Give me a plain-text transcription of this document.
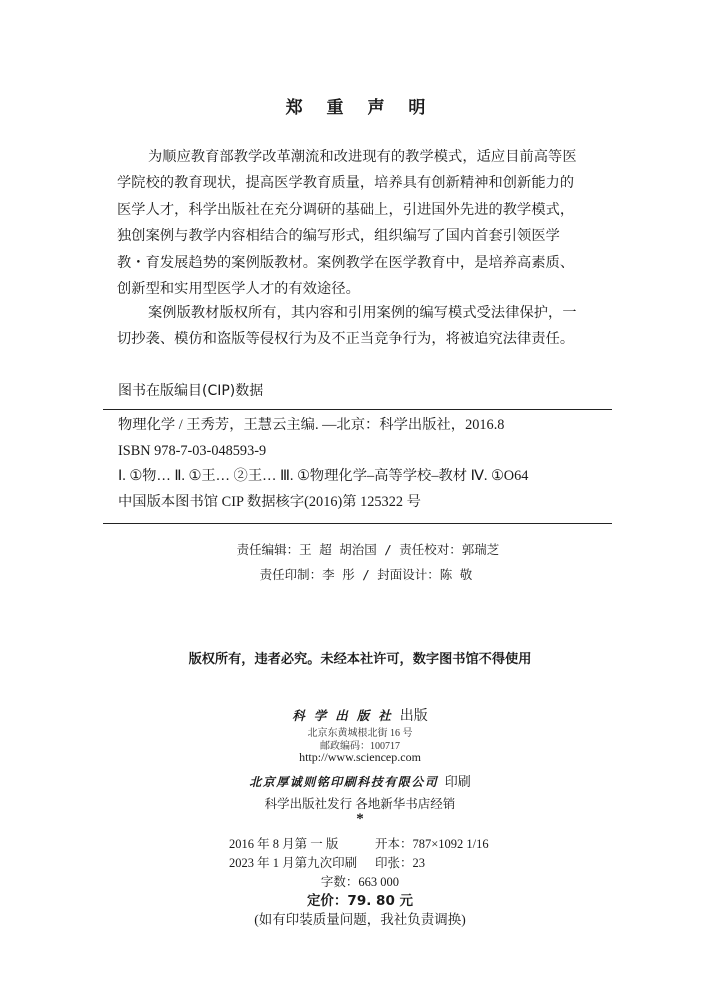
郑 重 声 明
为顺应教育部教学改革潮流和改进现有的教学模式，适应目前高等医
学院校的教育现状，提高医学教育质量，培养具有创新精神和创新能力的
医学人才，科学出版社在充分调研的基础上，引进国外先进的教学模式，
独创案例与教学内容相结合的编写形式，组织编写了国内首套引领医学
教・育发展趋势的案例版教材。案例教学在医学教育中，是培养高素质、
创新型和实用型医学人才的有效途径。
案例版教材版权所有，其内容和引用案例的编写模式受法律保护，一
切抄袭、模仿和盗版等侵权行为及不正当竞争行为，将被追究法律责任。
图书在版编目(CIP)数据
物理化学 / 王秀芳，王慧云主编. —北京：科学出版社，2016.8
ISBN 978-7-03-048593-9
Ⅰ. ①物… Ⅱ. ①王… ②王… Ⅲ. ①物理化学–高等学校–教材 Ⅳ. ①O64
中国版本图书馆 CIP 数据核字(2016)第 125322 号
责任编辑：王 超 胡治国 / 责任校对：郭瑞芝
责任印制：李 彤 / 封面设计：陈 敬
版权所有，违者必究。未经本社许可，数字图书馆不得使用
科学出版社出版
北京东黄城根北街 16 号
邮政编码：100717
http://www.sciencep.com
北京厚诚则铭印刷科技有限公司 印刷
科学出版社发行 各地新华书店经销
*
2016 年 8 月第 一 版	开本：787×1092 1/16
2023 年 1 月第九次印刷 印张：23
字数：663 000
定价：79. 80 元
(如有印装质量问题，我社负责调换)
